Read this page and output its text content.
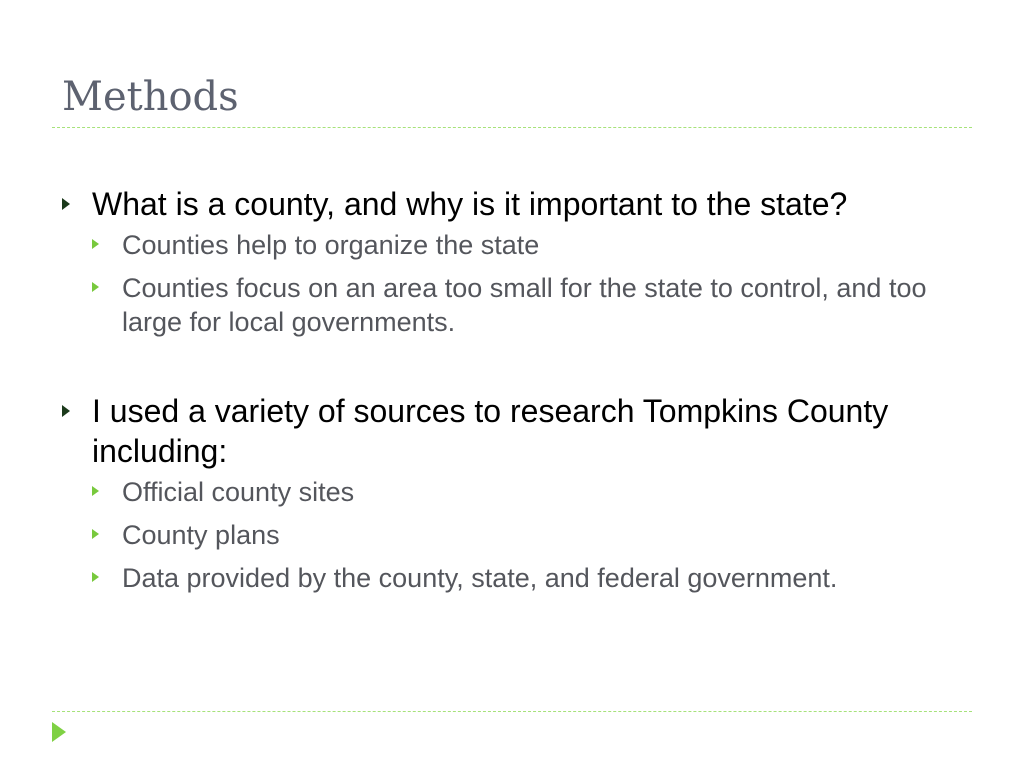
Methods
What is a county, and why is it important to the state?
Counties help to organize the state
Counties focus on an area too small for the state to control, and too large for local governments.
I used a variety of sources to research Tompkins County including:
Official county sites
County plans
Data provided by the county, state, and federal government.
